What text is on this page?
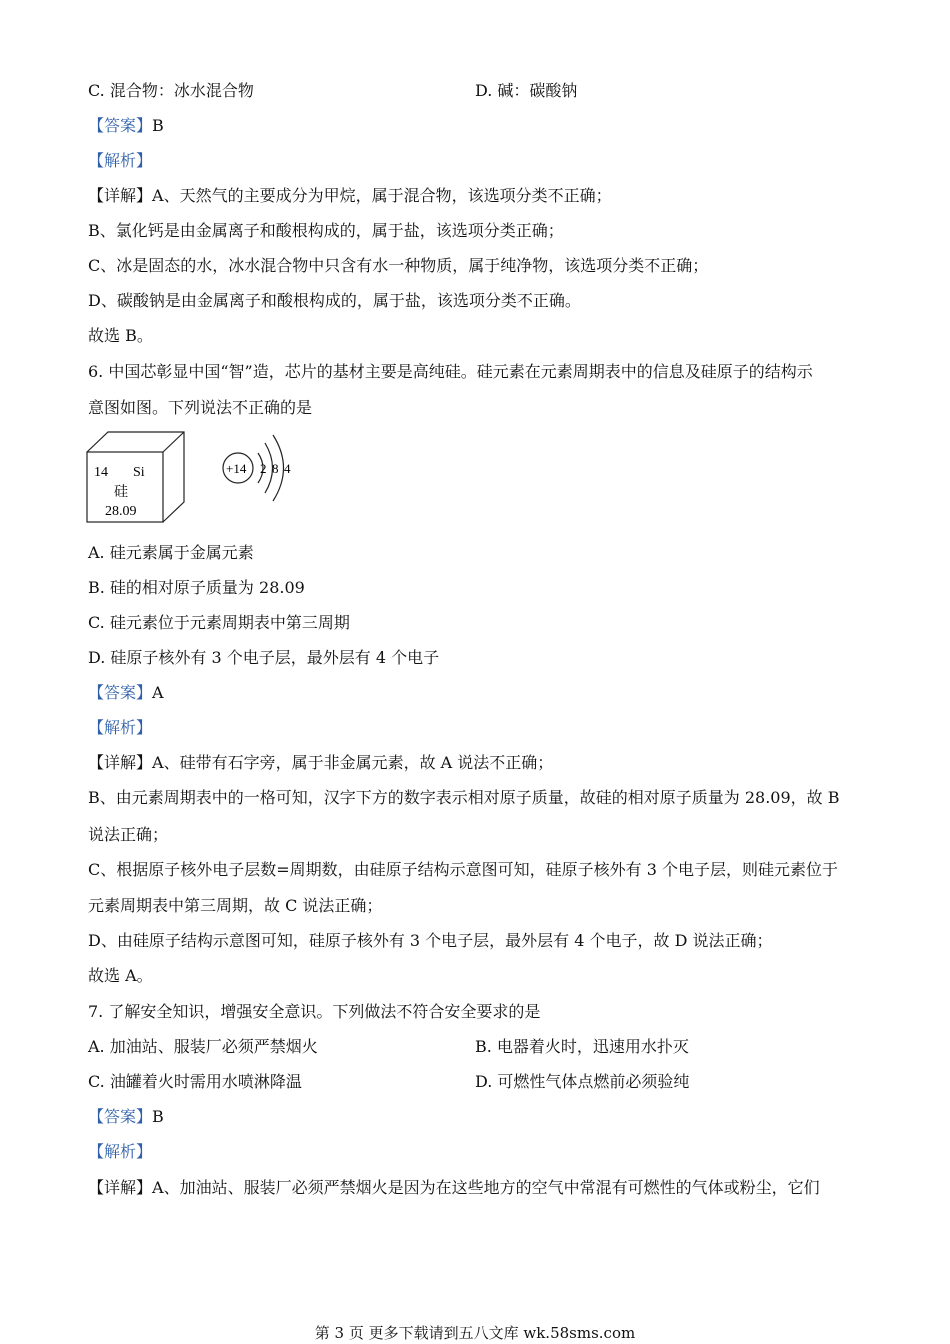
C. 混合物：冰水混合物	D. 碱：碳酸钠
【答案】B
【解析】
【详解】A、天然气的主要成分为甲烷，属于混合物，该选项分类不正确；
B、氯化钙是由金属离子和酸根构成的，属于盐，该选项分类正确；
C、冰是固态的水，冰水混合物中只含有水一种物质，属于纯净物，该选项分类不正确；
D、碳酸钠是由金属离子和酸根构成的，属于盐，该选项分类不正确。
故选 B。
6. 中国芯彰显中国“智”造，芯片的基材主要是高纯硅。硅元素在元素周期表中的信息及硅原子的结构示
意图如图。下列说法不正确的是
14 Si
硅
28.09
+14 2 8 4
A. 硅元素属于金属元素
B. 硅的相对原子质量为 28.09
C. 硅元素位于元素周期表中第三周期
D. 硅原子核外有 3 个电子层，最外层有 4 个电子
【答案】A
【解析】
【详解】A、硅带有石字旁，属于非金属元素，故 A 说法不正确；
B、由元素周期表中的一格可知，汉字下方的数字表示相对原子质量，故硅的相对原子质量为 28.09，故 B
说法正确；
C、根据原子核外电子层数=周期数，由硅原子结构示意图可知，硅原子核外有 3 个电子层，则硅元素位于
元素周期表中第三周期，故 C 说法正确；
D、由硅原子结构示意图可知，硅原子核外有 3 个电子层，最外层有 4 个电子，故 D 说法正确；
故选 A。
7. 了解安全知识，增强安全意识。下列做法不符合安全要求的是
A. 加油站、服装厂必须严禁烟火	B. 电器着火时，迅速用水扑灭
C. 油罐着火时需用水喷淋降温	D. 可燃性气体点燃前必须验纯
【答案】B
【解析】
【详解】A、加油站、服装厂必须严禁烟火是因为在这些地方的空气中常混有可燃性的气体或粉尘，它们
第 3 页 更多下载请到五八文库 wk.58sms.com
